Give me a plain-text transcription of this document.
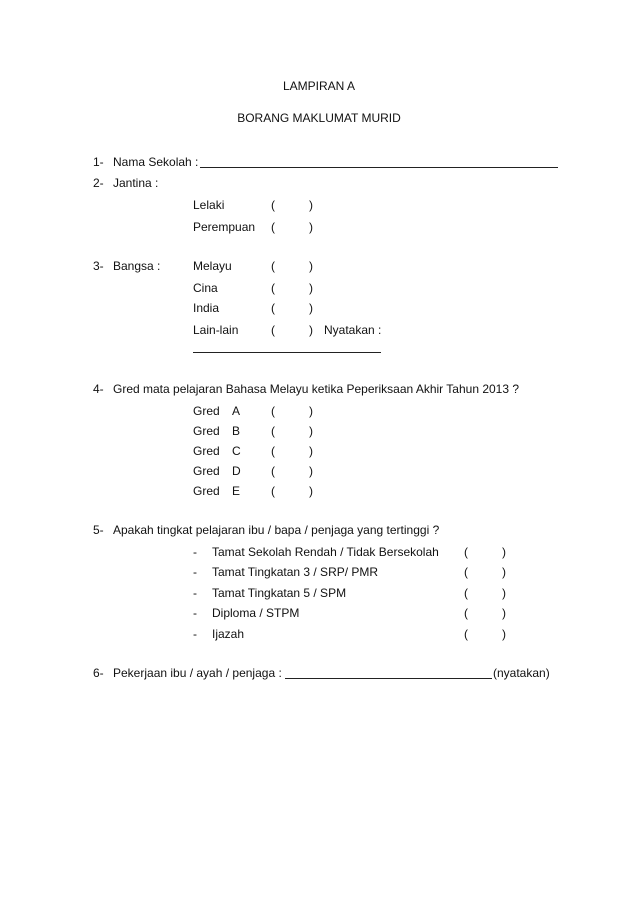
LAMPIRAN A
BORANG MAKLUMAT MURID
1- Nama Sekolah :
2- Jantina :
Lelaki	(	)
Perempuan (	)
3- Bangsa :	Melayu	(	)
Cina	(	)
India	(	)
Lain-lain	(	) Nyatakan :
4- Gred mata pelajaran Bahasa Melayu ketika Peperiksaan Akhir Tahun 2013 ?
Gred A	(	)
Gred B	(	)
Gred C	(	)
Gred D	(	)
Gred E	(	)
5- Apakah tingkat pelajaran ibu / bapa / penjaga yang tertinggi ?
- Tamat Sekolah Rendah / Tidak Bersekolah (	)
- Tamat Tingkatan 3 / SRP/ PMR	(	)
- Tamat Tingkatan 5 / SPM	(	)
- Diploma / STPM	(	)
- Ijazah	(	)
6- Pekerjaan ibu / ayah / penjaga :	(nyatakan)
